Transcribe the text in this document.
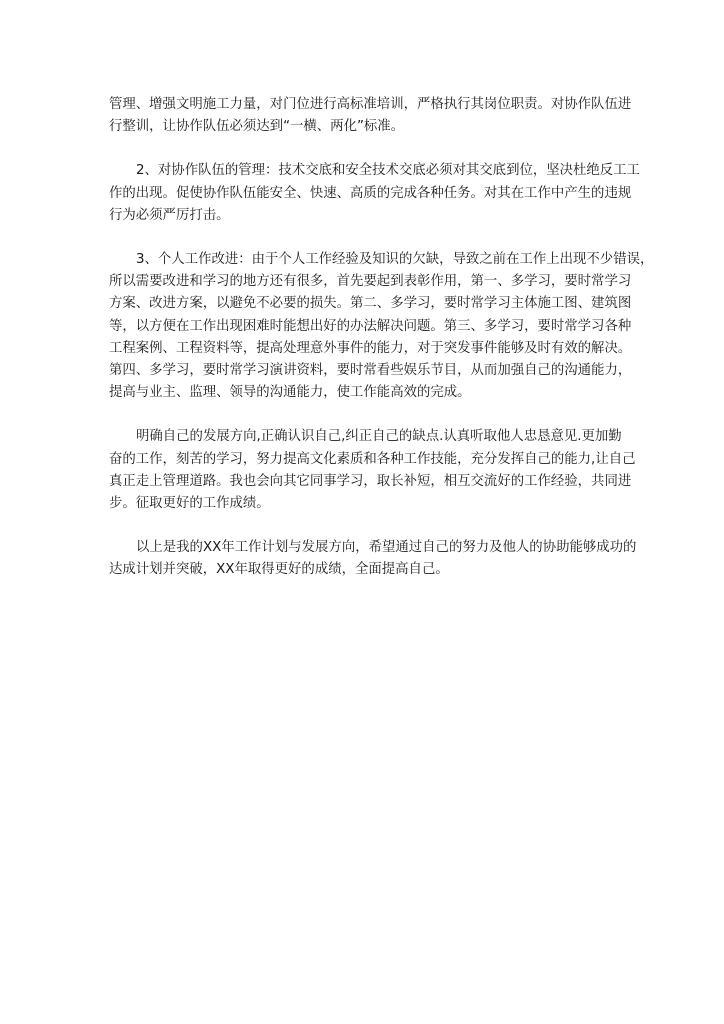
管理、增强文明施工力量，对门位进行高标准培训，严格执行其岗位职责。对协作队伍进
行整训，让协作队伍必须达到“一横、两化”标准。
2、对协作队伍的管理：技术交底和安全技术交底必须对其交底到位，坚决杜绝反工工
作的出现。促使协作队伍能安全、快速、高质的完成各种任务。对其在工作中产生的违规
行为必须严厉打击。
3、个人工作改进：由于个人工作经验及知识的欠缺，导致之前在工作上出现不少错误，
所以需要改进和学习的地方还有很多，首先要起到表彰作用，第一、多学习，要时常学习
方案、改进方案，以避免不必要的损失。第二、多学习，要时常学习主体施工图、建筑图
等，以方便在工作出现困难时能想出好的办法解决问题。第三、多学习，要时常学习各种
工程案例、工程资料等，提高处理意外事件的能力，对于突发事件能够及时有效的解决。
第四、多学习，要时常学习演讲资料，要时常看些娱乐节目，从而加强自己的沟通能力，
提高与业主、监理、领导的沟通能力，使工作能高效的完成。
明确自己的发展方向,正确认识自己,纠正自己的缺点.认真听取他人忠恳意见.更加勤
奋的工作，刻苦的学习，努力提高文化素质和各种工作技能，充分发挥自己的能力,让自己
真正走上管理道路。我也会向其它同事学习，取长补短，相互交流好的工作经验，共同进
步。征取更好的工作成绩。
以上是我的XX年工作计划与发展方向，希望通过自己的努力及他人的协助能够成功的
达成计划并突破，XX年取得更好的成绩，全面提高自己。
